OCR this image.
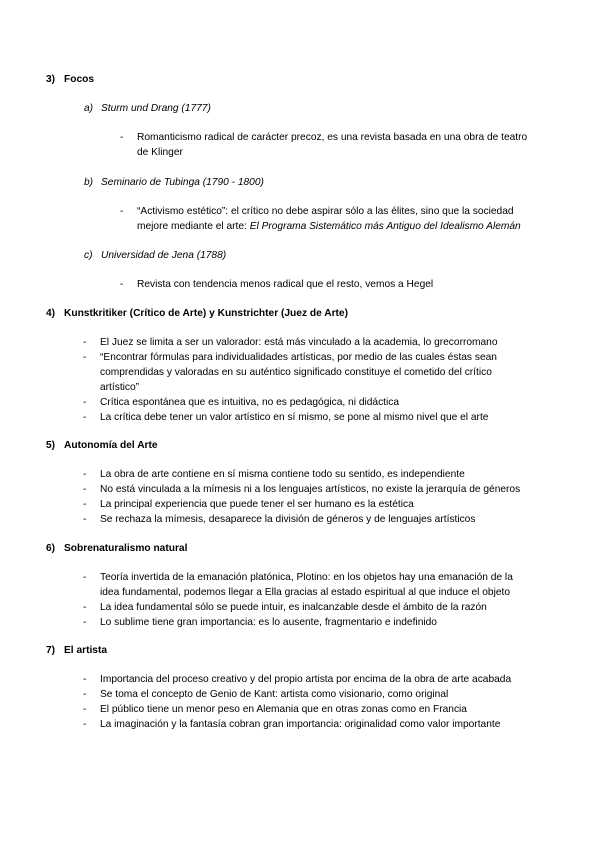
3) Focos
a) Sturm und Drang (1777)
- Romanticismo radical de carácter precoz, es una revista basada en una obra de teatro
de Klinger
b) Seminario de Tubinga (1790 - 1800)
- “Activismo estético”: el crítico no debe aspirar sólo a las élites, sino que la sociedad
mejore mediante el arte: El Programa Sistemático más Antiguo del Idealismo Alemán
c) Universidad de Jena (1788)
- Revista con tendencia menos radical que el resto, vemos a Hegel
4) Kunstkritiker (Crítico de Arte) y Kunstrichter (Juez de Arte)
- El Juez se limita a ser un valorador: está más vinculado a la academia, lo grecorromano
- “Encontrar fórmulas para individualidades artísticas, por medio de las cuales éstas sean
comprendidas y valoradas en su auténtico significado constituye el cometido del crítico
artístico”
- Crítica espontánea que es intuitiva, no es pedagógica, ni didáctica
- La crítica debe tener un valor artístico en sí mismo, se pone al mismo nivel que el arte
5) Autonomía del Arte
- La obra de arte contiene en sí misma contiene todo su sentido, es independiente
- No está vinculada a la mímesis ni a los lenguajes artísticos, no existe la jerarquía de géneros
- La principal experiencia que puede tener el ser humano es la estética
- Se rechaza la mímesis, desaparece la división de géneros y de lenguajes artísticos
6) Sobrenaturalismo natural
- Teoría invertida de la emanación platónica, Plotino: en los objetos hay una emanación de la
idea fundamental, podemos llegar a Ella gracias al estado espiritual al que induce el objeto
- La idea fundamental sólo se puede intuir, es inalcanzable desde el ámbito de la razón
- Lo sublime tiene gran importancia: es lo ausente, fragmentario e indefinido
7) El artista
- Importancia del proceso creativo y del propio artista por encima de la obra de arte acabada
- Se toma el concepto de Genio de Kant: artista como visionario, como original
- El público tiene un menor peso en Alemania que en otras zonas como en Francia
- La imaginación y la fantasía cobran gran importancia: originalidad como valor importante
